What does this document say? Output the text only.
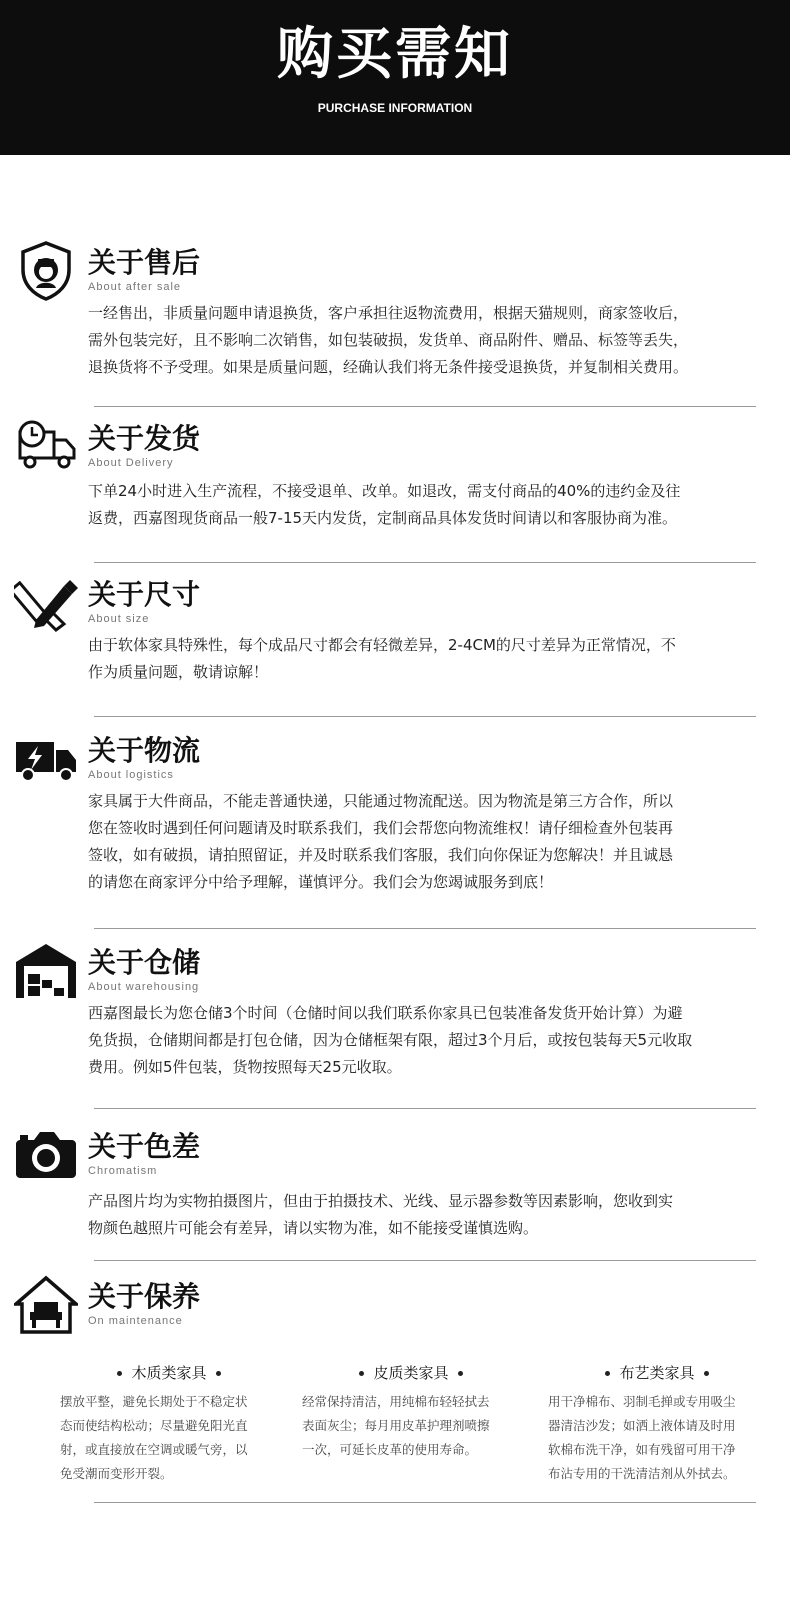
购买需知
PURCHASE INFORMATION
关于售后
About after sale
一经售出，非质量问题申请退换货，客户承担往返物流费用，根据天猫规则，商家签收后，
需外包装完好，且不影响二次销售，如包装破损，发货单、商品附件、赠品、标签等丢失，
退换货将不予受理。如果是质量问题，经确认我们将无条件接受退换货，并复制相关费用。
关于发货
About Delivery
下单24小时进入生产流程，不接受退单、改单。如退改，需支付商品的40%的违约金及往
返费，西嘉图现货商品一般7-15天内发货，定制商品具体发货时间请以和客服协商为准。
关于尺寸
About size
由于软体家具特殊性，每个成品尺寸都会有轻微差异，2-4CM的尺寸差异为正常情况，不
作为质量问题，敬请谅解！
关于物流
About logistics
家具属于大件商品，不能走普通快递，只能通过物流配送。因为物流是第三方合作，所以
您在签收时遇到任何问题请及时联系我们，我们会帮您向物流维权！请仔细检查外包装再
签收，如有破损，请拍照留证，并及时联系我们客服，我们向你保证为您解决！并且诚恳
的请您在商家评分中给予理解，谨慎评分。我们会为您竭诚服务到底！
关于仓储
About warehousing
西嘉图最长为您仓储3个时间（仓储时间以我们联系你家具已包装准备发货开始计算）为避
免货损，仓储期间都是打包仓储，因为仓储框架有限，超过3个月后，或按包装每天5元收取
费用。例如5件包装，货物按照每天25元收取。
关于色差
Chromatism
产品图片均为实物拍摄图片，但由于拍摄技术、光线、显示器参数等因素影响，您收到实
物颜色越照片可能会有差异，请以实物为准，如不能接受谨慎选购。
关于保养
On maintenance
木质类家具
摆放平整，避免长期处于不稳定状
态而使结构松动；尽量避免阳光直
射，或直接放在空调或暖气旁，以
免受潮而变形开裂。
皮质类家具
经常保持清洁，用纯棉布轻轻拭去
表面灰尘；每月用皮革护理剂喷擦
一次，可延长皮革的使用寿命。
布艺类家具
用干净棉布、羽制毛掸或专用吸尘
器清洁沙发；如洒上液体请及时用
软棉布洗干净，如有残留可用干净
布沾专用的干洗清洁剂从外拭去。
